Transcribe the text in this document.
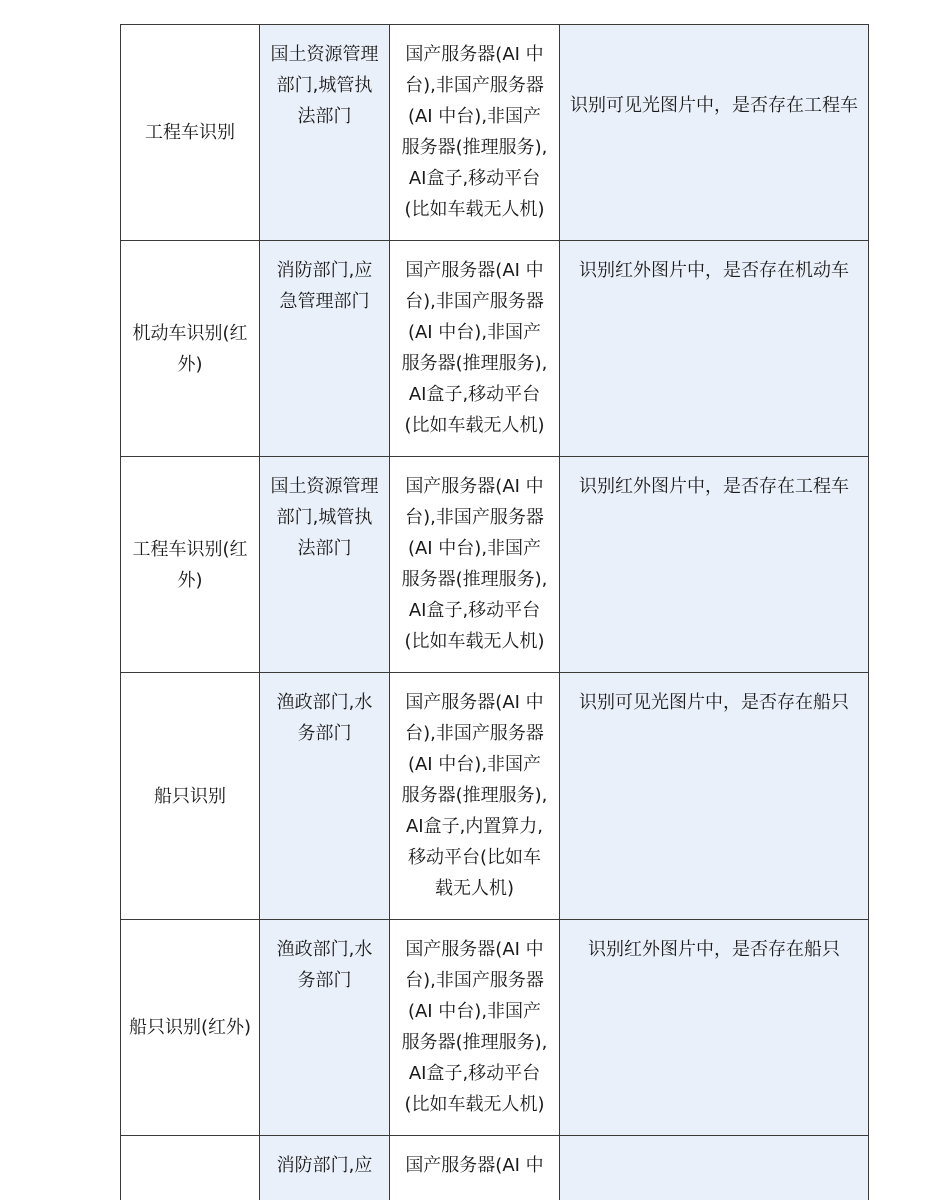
工程车识别	国土资源管理部门,城管执法部门	国产服务器(AI 中台),非国产服务器(AI 中台),非国产服务器(推理服务),AI盒子,移动平台(比如车载无人机)	识别可见光图片中，是否存在工程车
机动车识别(红外)	消防部门,应急管理部门	国产服务器(AI 中台),非国产服务器(AI 中台),非国产服务器(推理服务),AI盒子,移动平台(比如车载无人机)	识别红外图片中，是否存在机动车
工程车识别(红外)	国土资源管理部门,城管执法部门	国产服务器(AI 中台),非国产服务器(AI 中台),非国产服务器(推理服务),AI盒子,移动平台(比如车载无人机)	识别红外图片中，是否存在工程车
船只识别	渔政部门,水务部门	国产服务器(AI 中台),非国产服务器(AI 中台),非国产服务器(推理服务),AI盒子,内置算力,移动平台(比如车载无人机)	识别可见光图片中，是否存在船只
船只识别(红外)	渔政部门,水务部门	国产服务器(AI 中台),非国产服务器(AI 中台),非国产服务器(推理服务),AI盒子,移动平台(比如车载无人机)	识别红外图片中，是否存在船只
	消防部门,应	国产服务器(AI 中	
